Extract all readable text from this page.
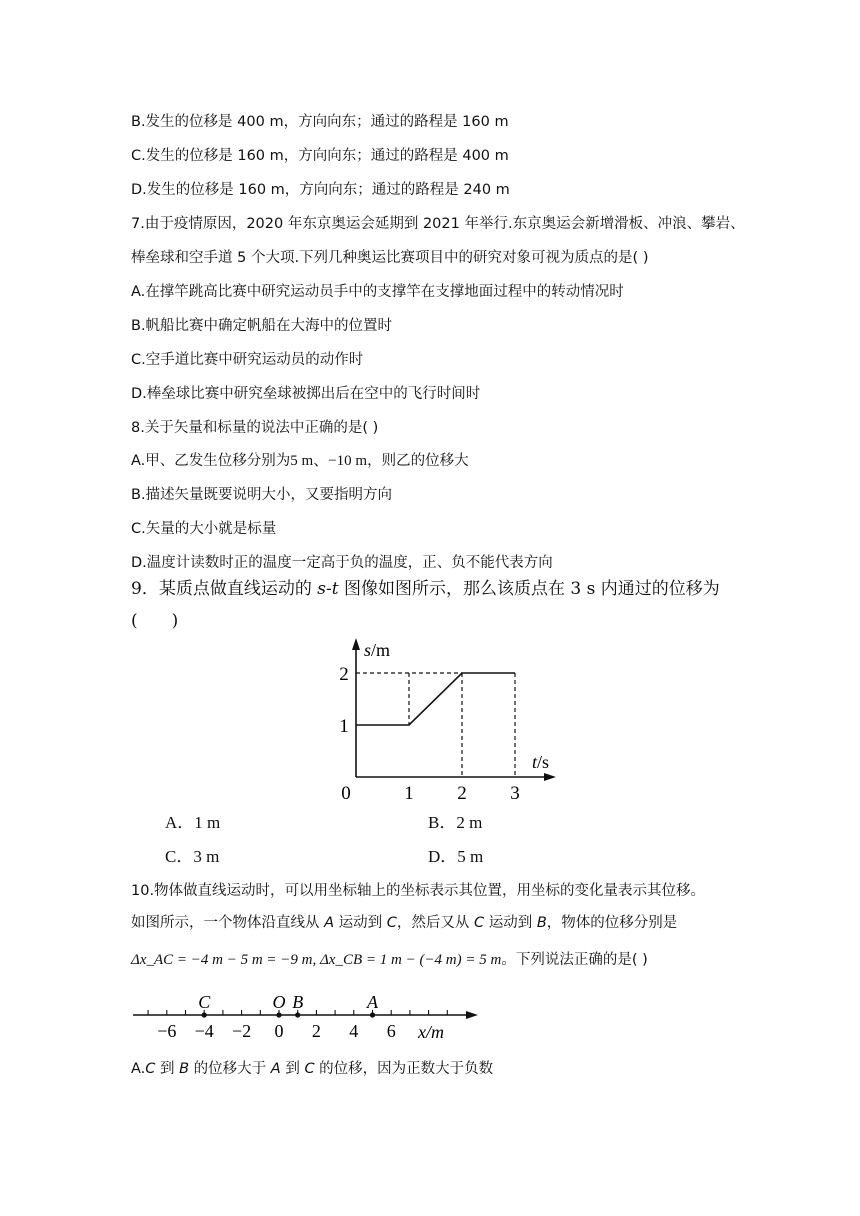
B.发生的位移是 400 m，方向向东；通过的路程是 160 m
C.发生的位移是 160 m，方向向东；通过的路程是 400 m
D.发生的位移是 160 m，方向向东；通过的路程是 240 m
7.由于疫情原因，2020 年东京奥运会延期到 2021 年举行.东京奥运会新增滑板、冲浪、攀岩、
棒垒球和空手道 5 个大项.下列几种奥运比赛项目中的研究对象可视为质点的是( )
A.在撑竿跳高比赛中研究运动员手中的支撑竿在支撑地面过程中的转动情况时
B.帆船比赛中确定帆船在大海中的位置时
C.空手道比赛中研究运动员的动作时
D.棒垒球比赛中研究垒球被掷出后在空中的飞行时间时
8.关于矢量和标量的说法中正确的是( )
A.甲、乙发生位移分别为5 m、−10 m，则乙的位移大
B.描述矢量既要说明大小，又要指明方向
C.矢量的大小就是标量
D.温度计读数时正的温度一定高于负的温度，正、负不能代表方向
9．某质点做直线运动的 s-t 图像如图所示，那么该质点在 3 s 内通过的位移为
(　　)
0	1 2 3
1
2
s/m
t/s
A．1 m	B．2 m
C．3 m	D．5 m
10.物体做直线运动时，可以用坐标轴上的坐标表示其位置，用坐标的变化量表示其位移。
如图所示，一个物体沿直线从 A 运动到 C，然后又从 C 运动到 B，物体的位移分别是
Δx_AC = −4 m − 5 m = −9 m, Δx_CB = 1 m − (−4 m) = 5 m。下列说法正确的是( )
−6 −4 −2 0 2 4 6
C	O B	A
x/m
A.C 到 B 的位移大于 A 到 C 的位移，因为正数大于负数
